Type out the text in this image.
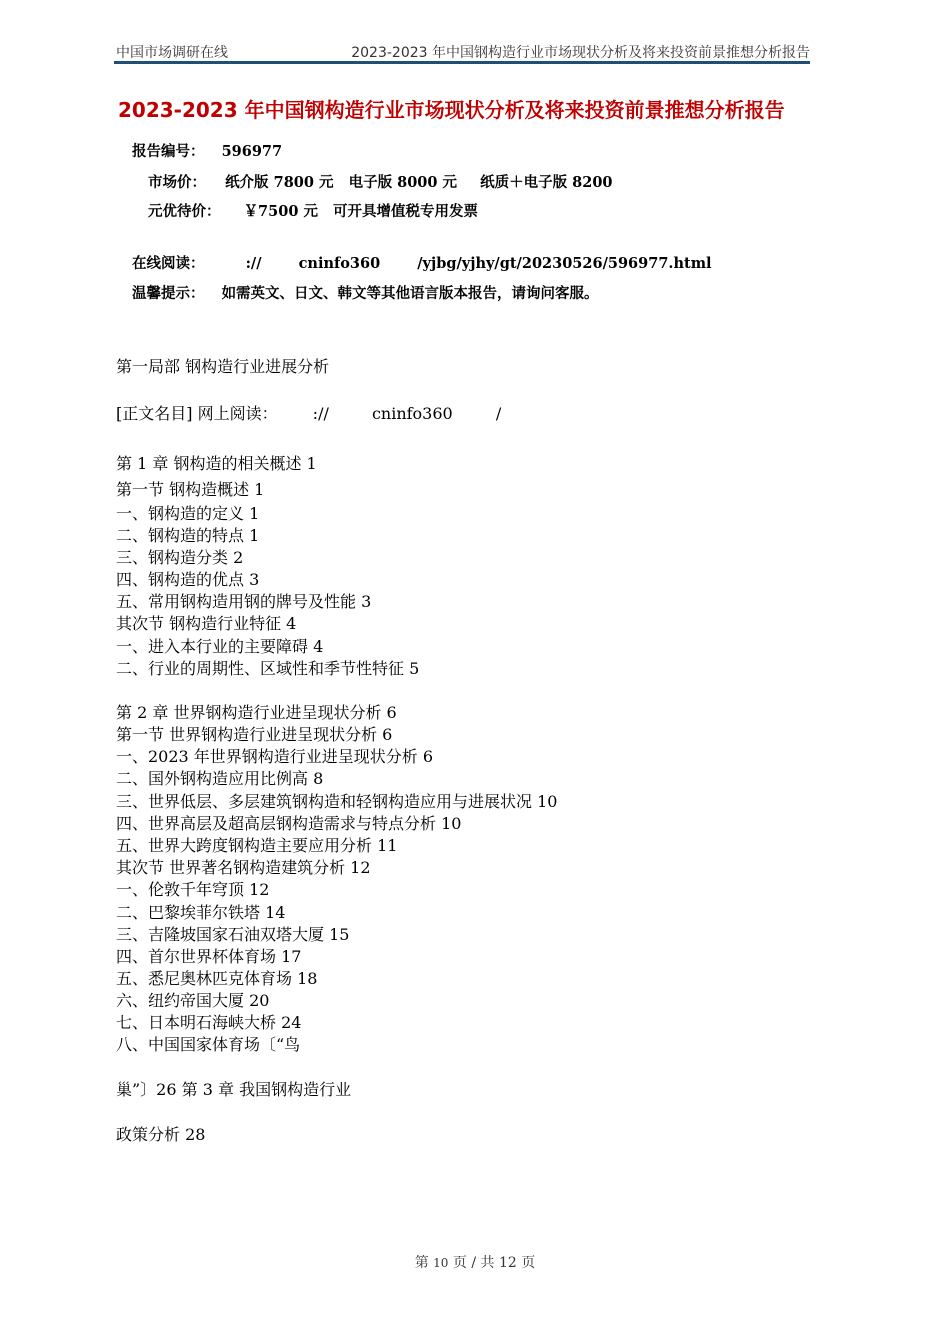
中国市场调研在线	2023-2023 年中国钢构造行业市场现状分析及将来投资前景推想分析报告
2023-2023 年中国钢构造行业市场现状分析及将来投资前景推想分析报告
报告编号： 596977
市场价： 纸介版 7800 元 电子版 8000 元 纸质＋电子版 8200
元优待价： ￥7500 元 可开具增值税专用发票
在线阅读：	://	cninfo360	/yjbg/yjhy/gt/20230526/596977.html
温馨提示： 如需英文、日文、韩文等其他语言版本报告，请询问客服。
第一局部 钢构造行业进展分析
[正文名目] 网上阅读： ://	cninfo360	/
第 1 章 钢构造的相关概述 1
第一节 钢构造概述 1
一、钢构造的定义 1
二、钢构造的特点 1
三、钢构造分类 2
四、钢构造的优点 3
五、常用钢构造用钢的牌号及性能 3
其次节 钢构造行业特征 4
一、进入本行业的主要障碍 4
二、行业的周期性、区域性和季节性特征 5
第 2 章 世界钢构造行业进呈现状分析 6
第一节 世界钢构造行业进呈现状分析 6
一、2023 年世界钢构造行业进呈现状分析 6
二、国外钢构造应用比例高 8
三、世界低层、多层建筑钢构造和轻钢构造应用与进展状况 10
四、世界高层及超高层钢构造需求与特点分析 10
五、世界大跨度钢构造主要应用分析 11
其次节 世界著名钢构造建筑分析 12
一、伦敦千年穹顶 12
二、巴黎埃菲尔铁塔 14
三、吉隆坡国家石油双塔大厦 15
四、首尔世界杯体育场 17
五、悉尼奥林匹克体育场 18
六、纽约帝国大厦 20
七、日本明石海峡大桥 24
八、中国国家体育场〔“鸟
巢”〕26 第 3 章 我国钢构造行业
政策分析 28
第 10 页 / 共 12 页
